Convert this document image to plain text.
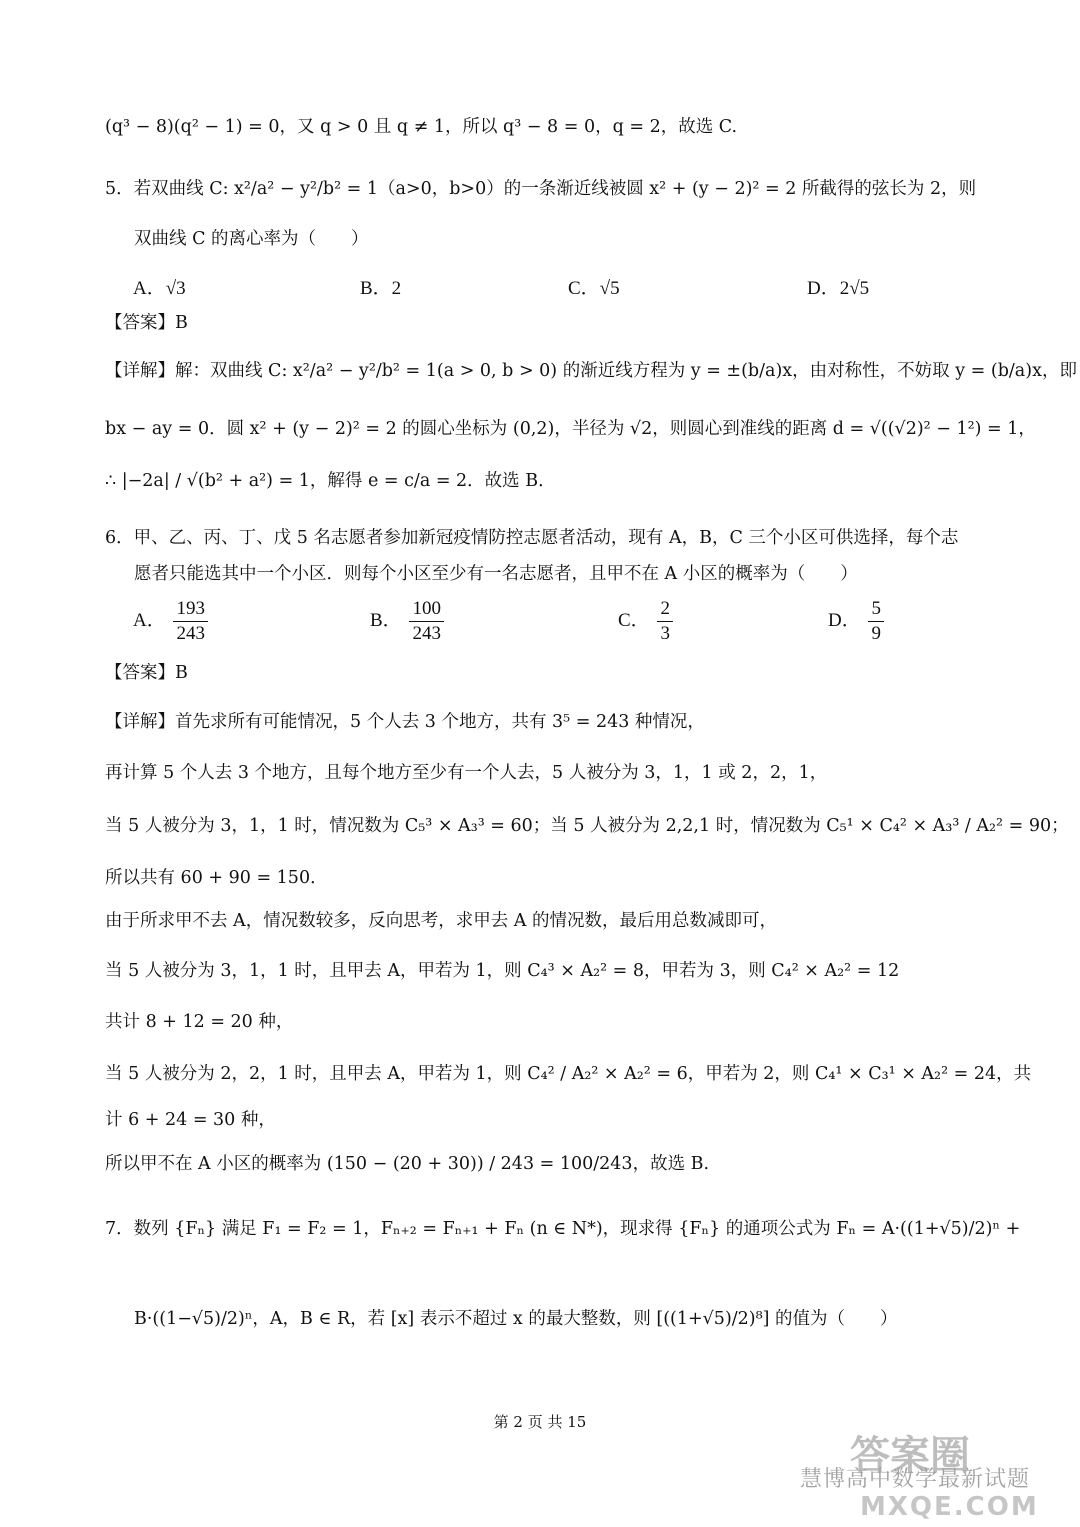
(q³ − 8)(q² − 1) = 0，又 q > 0 且 q ≠ 1，所以 q³ − 8 = 0，q = 2，故选 C.
5．若双曲线 C: x²/a² − y²/b² = 1（a>0，b>0）的一条渐近线被圆 x² + (y − 2)² = 2 所截得的弦长为 2，则
双曲线 C 的离心率为（　　）
A．√3	B．2	C．√5	D．2√5
【答案】B
【详解】解：双曲线 C: x²/a² − y²/b² = 1(a > 0, b > 0) 的渐近线方程为 y = ±(b/a)x，由对称性，不妨取 y = (b/a)x，即
bx − ay = 0．圆 x² + (y − 2)² = 2 的圆心坐标为 (0,2)，半径为 √2，则圆心到准线的距离 d = √((√2)² − 1²) = 1，
∴ |−2a| / √(b² + a²) = 1，解得 e = c/a = 2．故选 B．
6．甲、乙、丙、丁、戊 5 名志愿者参加新冠疫情防控志愿者活动，现有 A，B，C 三个小区可供选择，每个志
愿者只能选其中一个小区．则每个小区至少有一名志愿者，且甲不在 A 小区的概率为（　　）
A． $\frac{193}{243}$	B． $\frac{100}{243}$	C． $\frac{2}{3}$	D． $\frac{5}{9}$
【答案】B
【详解】首先求所有可能情况，5 个人去 3 个地方，共有 3⁵ = 243 种情况，
再计算 5 个人去 3 个地方，且每个地方至少有一个人去，5 人被分为 3，1，1 或 2，2，1，
当 5 人被分为 3，1，1 时，情况数为 C₅³ × A₃³ = 60；当 5 人被分为 2,2,1 时，情况数为 C₅¹ × C₄² × A₃³ / A₂² = 90；
所以共有 60 + 90 = 150．
由于所求甲不去 A，情况数较多，反向思考，求甲去 A 的情况数，最后用总数减即可，
当 5 人被分为 3，1，1 时，且甲去 A，甲若为 1，则 C₄³ × A₂² = 8，甲若为 3，则 C₄² × A₂² = 12
共计 8 + 12 = 20 种，
当 5 人被分为 2，2，1 时，且甲去 A，甲若为 1，则 C₄² / A₂² × A₂² = 6，甲若为 2，则 C₄¹ × C₃¹ × A₂² = 24，共
计 6 + 24 = 30 种，
所以甲不在 A 小区的概率为 (150 − (20 + 30)) / 243 = 100/243，故选 B.
7．数列 {Fₙ} 满足 F₁ = F₂ = 1，Fₙ₊₂ = Fₙ₊₁ + Fₙ (n ∈ N*)，现求得 {Fₙ} 的通项公式为 Fₙ = A·((1+√5)/2)ⁿ +
B·((1−√5)/2)ⁿ，A，B ∈ R，若 [x] 表示不超过 x 的最大整数，则 [((1+√5)/2)⁸] 的值为（　　）
第 2 页 共 15
答案圈
慧博高中数学最新试题
MXQE.COM
